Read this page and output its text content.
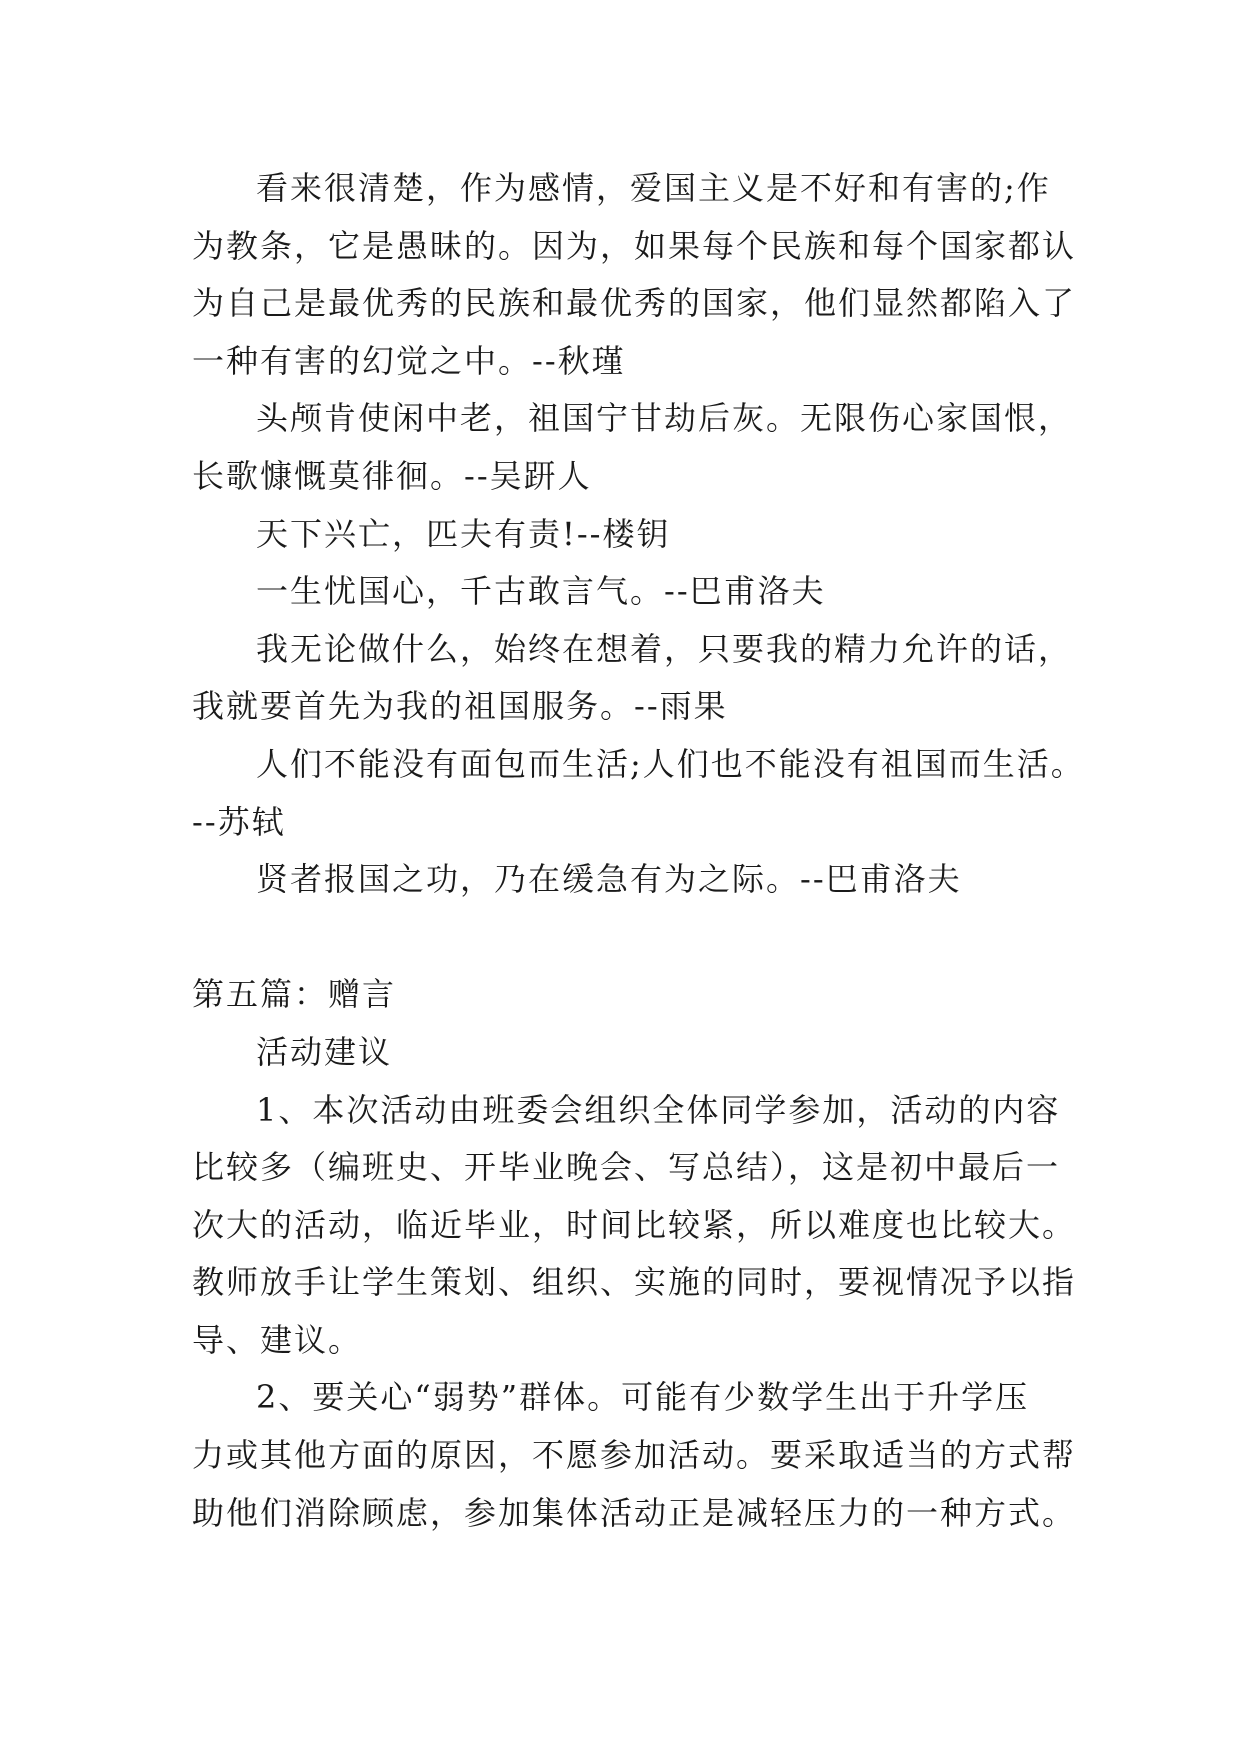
看来很清楚，作为感情，爱国主义是不好和有害的;作
为教条，它是愚昧的。因为，如果每个民族和每个国家都认
为自己是最优秀的民族和最优秀的国家，他们显然都陷入了
一种有害的幻觉之中。--秋瑾
头颅肯使闲中老，祖国宁甘劫后灰。无限伤心家国恨，
长歌慷慨莫徘徊。--吴趼人
天下兴亡，匹夫有责!--楼钥
一生忧国心，千古敢言气。--巴甫洛夫
我无论做什么，始终在想着，只要我的精力允许的话，
我就要首先为我的祖国服务。--雨果
人们不能没有面包而生活;人们也不能没有祖国而生活。
--苏轼
贤者报国之功，乃在缓急有为之际。--巴甫洛夫
第五篇：赠言
活动建议
1、本次活动由班委会组织全体同学参加，活动的内容
比较多（编班史、开毕业晚会、写总结），这是初中最后一
次大的活动，临近毕业，时间比较紧，所以难度也比较大。
教师放手让学生策划、组织、实施的同时，要视情况予以指
导、建议。
2、要关心“弱势”群体。可能有少数学生出于升学压
力或其他方面的原因，不愿参加活动。要采取适当的方式帮
助他们消除顾虑，参加集体活动正是减轻压力的一种方式。
